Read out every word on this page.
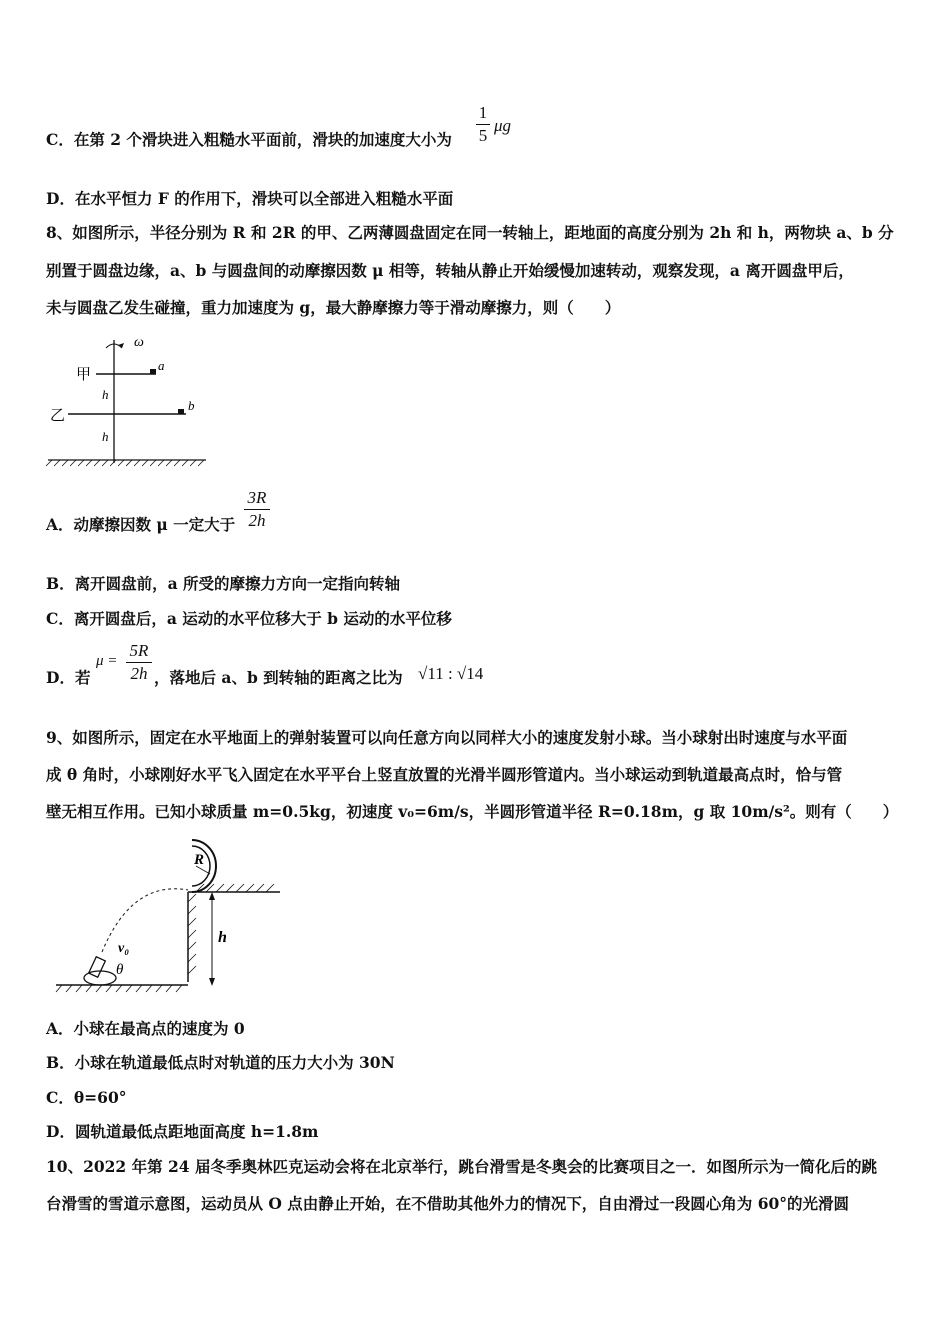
C．在第 2 个滑块进入粗糙水平面前，滑块的加速度大小为
1
5
μg
D．在水平恒力 F 的作用下，滑块可以全部进入粗糙水平面
8、如图所示，半径分别为 R 和 2R 的甲、乙两薄圆盘固定在同一转轴上，距地面的高度分别为 2h 和 h，两物块 a、b 分
别置于圆盘边缘，a、b 与圆盘间的动摩擦因数 μ 相等，转轴从静止开始缓慢加速转动，观察发现，a 离开圆盘甲后，
未与圆盘乙发生碰撞，重力加速度为 g，最大静摩擦力等于滑动摩擦力，则（　　）
ω
a
甲
b
乙
h
h
A．动摩擦因数 μ 一定大于
3R
2h
B．离开圆盘前，a 所受的摩擦力方向一定指向转轴
C．离开圆盘后，a 运动的水平位移大于 b 运动的水平位移
D．若
μ =
5R
2h ，落地后 a、b 到转轴的距离之比为 √11 : √14
9、如图所示，固定在水平地面上的弹射装置可以向任意方向以同样大小的速度发射小球。当小球射出时速度与水平面
成 θ 角时，小球刚好水平飞入固定在水平平台上竖直放置的光滑半圆形管道内。当小球运动到轨道最高点时，恰与管
壁无相互作用。已知小球质量 m=0.5kg，初速度 v₀=6m/s，半圆形管道半径 R=0.18m，g 取 10m/s²。则有（　　）
R
h
v₀
θ
A．小球在最高点的速度为 0
B．小球在轨道最低点时对轨道的压力大小为 30N
C．θ=60°
D．圆轨道最低点距地面高度 h=1.8m
10、2022 年第 24 届冬季奥林匹克运动会将在北京举行，跳台滑雪是冬奥会的比赛项目之一．如图所示为一简化后的跳
台滑雪的雪道示意图，运动员从 O 点由静止开始，在不借助其他外力的情况下，自由滑过一段圆心角为 60°的光滑圆
